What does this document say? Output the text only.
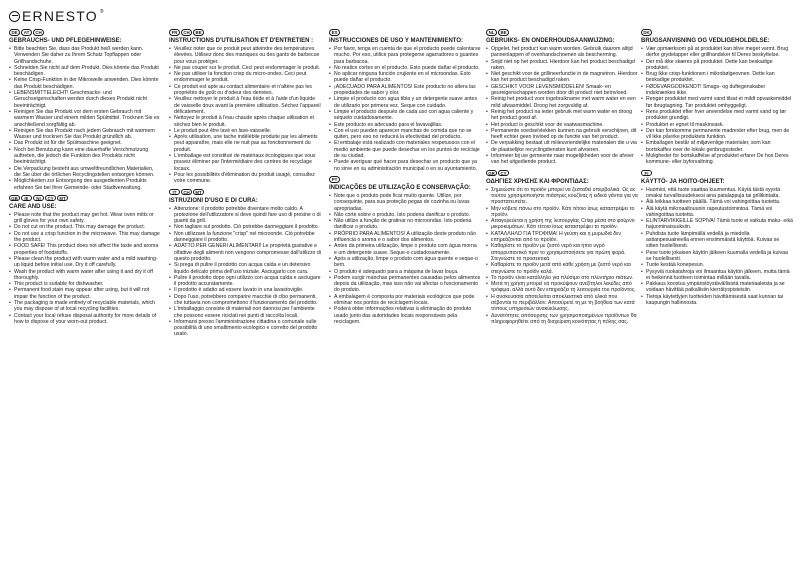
ERNESTO ®
DE	AT	CH
GEBRAUCHS- UND PFLEGEHINWEISE:
• Bitte beachten Sie, dass das Produkt heiß werden kann. Verwenden Sie daher zu Ihrem Schutz Topflappen oder Grillhandschuhe.
• Schneiden Sie nicht auf dem Produkt. Dies könnte das Produkt beschädigen.
• Keine Crisp-Funktion in der Mikrowelle anwenden. Dies könnte das Produkt beschädigen.
• LEBENSMITTELECHT! Geschmacks- und Geruchseigenschaften werden durch dieses Produkt nicht beeinträchtigt.
• Reinigen Sie das Produkt vor dem ersten Gebrauch mit warmem Wasser und einem milden Spülmittel. Trocknen Sie es anschließend sorgfältig ab.
• Reinigen Sie das Produkt nach jedem Gebrauch mit warmem Wasser und trocknen Sie das Produkt gründlich ab.
• Das Produkt ist für die Spülmaschine geeignet.
• Noch bei Benutzung kann eine dauerhafte Verschmutzung auftreten, die jedoch die Funktion des Produkts nicht beeinträchtigt.
• Die Verpackung besteht aus umweltfreundlichen Materialien, die Sie über die örtlichen Recyclingstellen entsorgen können.
• Möglichkeiten zur Entsorgung des ausgedienten Produkts erfahren Sie bei Ihrer Gemeinde- oder Stadtverwaltung.
GB	IE	NI	CY	MT
CARE AND USE:
• Please note that the product may get hot. Wear oven mitts or grill gloves for your own safety.
• Do not cut on the product. This may damage the product.
• Do not use a crisp function in the microwave. This may damage the product.
• FOOD SAFE! This product does not affect the taste and aroma properties of foodstuffs.
• Please clean the product with warm water and a mild washing-up liquid before initial use. Dry it off carefully.
• Wash the product with warm water after using it and dry it off thoroughly.
• This product is suitable for dishwasher.
• Permanent food stain may appear after using, but it will not impair the function of the product.
• The packaging is made entirely of recyclable materials, which you may dispose of at local recycling facilities.
• Contact your local refuse disposal authority for more details of how to dispose of your worn-out product.
FR	CH	BE
INSTRUCTIONS D'UTILISATION ET D'ENTRETIEN :
• Veuillez noter que ce produit peut atteindre des températures élevées. Utilisez donc des maniques ou des gants de barbecue pour vous protéger.
• Ne pas couper sur le produit. Ceci peut endommager le produit.
• Ne pas utiliser la fonction crisp du micro-ondes. Ceci peut endommager le produit.
• Ce produit est apte au contact alimentaire et n'altère pas les propriétés de goût ou d'odeur des denrées.
• Veuillez nettoyer le produit à l'eau tiède et à l'aide d'un liquide de vaisselle doux avant la première utilisation. Séchez l'appareil délicatement.
• Nettoyez le produit à l'eau chaude après chaque utilisation et séchez bien le produit.
• Le produit peut être lavé en lave-vaisselle.
• Après utilisation, une tache indélébile produite par les aliments peut apparaître, mais elle ne nuit pas au fonctionnement du produit.
• L'emballage est constitué de matériaux écologiques que vous pouvez éliminer par l'intermédiaire des centres de recyclage locaux.
• Pour les possibilités d'élimination du produit usagé, consultez votre commune.
IT	CH	MT
ISTRUZIONI D'USO E DI CURA:
• Attenzione: il prodotto potrebbe diventare molto caldo. A protezione dell'utilizzatore si deve quindi fare uso di presine o di guanti da grill.
• Non tagliare sul prodotto. Ciò potrebbe danneggiare il prodotto.
• Non utilizzare la funzione "crisp" nel microonde. Ciò potrebbe danneggiare il prodotto.
• ADATTO PER GENERI ALIMENTARI! Le proprietà gustative e olfattive degli alimenti non vengono compromesse dall'utilizzo di questo prodotto.
• Si prega di pulire il prodotto con acqua calda e un detersivo liquido delicato prima dell'uso iniziale. Asciugarlo con cura.
• Pulire il prodotto dopo ogni utilizzo con acqua calda e asciugare il prodotto accuratamente.
• Il prodotto è adatto ad essere lavato in una lavastoviglie.
• Dopo l'uso, potrebbero comparire macchie di cibo permanenti, che tuttavia non compromettono il funzionamento del prodotto.
• L'imballaggio consiste di materiali non dannosi per l'ambiente che possono essere riciclati nei punti di raccolta locali.
• Informarsi presso l'amministrazione cittadina o comunale sulle possibilità di uno smaltimento ecologico e corretto del prodotto usato.
ES
INSTRUCCIONES DE USO Y MANTENIMIENTO:
• Por favor, tenga en cuenta de que el producto puede calentarse mucho. Por eso, utilice para protegerse agarradores o guantes para barbacoa.
• No realice cortes en el producto. Esto puede dañar el producto.
• No aplicar ninguna función crujiente en el microondas. Esto puede dañar el producto.
• ¡ADECUADO PARA ALIMENTOS! Este producto no altera las propiedades de sabor y olor.
• Limpie el producto con agua tibia y un detergente suave antes de utilizarlo por primera vez. Seque con cuidado.
• Limpie el producto después de cada uso con agua caliente y séquelo cuidadosamente.
• Este producto es adecuado para el lavavajillas.
• Con el uso pueden aparecer manchas de comida que no se quiten, pero eso no reducirá la efectividad del producto.
• El embalaje está realizado con materiales respetuosos con el medio ambiente que puede desechar en los puntos de reciclaje de su ciudad.
• Puede averiguar qué hacer para desechar un producto que ya no sirve en su administración municipal o en su ayuntamiento.
PT
INDICAÇÕES DE UTILIZAÇÃO E CONSERVAÇÃO:
• Note que o produto pode ficar muito quente. Utilize, por consequinte, para sua proteção pegas de cozinha ou luvas apropriadas.
• Não corte sobre o produto. Isto poderia danificar o produto.
• Não utilize a função de gratinar no microondas. Isto poderia danificar o produto.
• PRÓPRIO PARA ALIMENTOS! A utilização deste produto não influencia o aroma e o sabor dos alimentos.
• Antes da primeira utilização, limpe o produto com água morna e um detergente suave. Seque-o cuidadosamente.
• Após a utilização, limpe o produto com água quente e seque-o bem.
• O produto é adequado para a máquina de lavar louça.
• Podem surgir manchas permanentes causadas pelos alimentos depois da utilização, mas isso não vai afectar o funcionamento do produto.
• A embalagem é composta por materiais ecológicos que pode eliminar nos pontos de reciclagem locais.
• Poderá obter informações relativas à eliminação do produto usado junto das autoridades locais responsáveis pela reciclagem.
NL	BE
GEBRUIKS- EN ONDERHOUDSAANWIJZING:
• Opgelet, het product kan warm worden. Gebruik daarom altijd pannenlappen of ovenhandschoenen als bescherming.
• Snijd niet op het product. Hierdoor kan het product beschadigd raken.
• Niet geschikt voor de grillineerfunctie in de magnetron. Hierdoor kan het product beschadigd raken.
• GESCHIKT VOOR LEVENSMIDDELEN! Smaak- en geureigenschappen worden door dit product niet beïnvloed.
• Reinig het product voor ingebruikname met warm water en een mild afwasmiddel. Droog het zorgvuldig af.
• Reinig het product na ieder gebruik met warm water en droog het product goed af.
• Het product is geschikt voor de vaatwasmachine.
• Permanente voedselvlekken kunnen na gebruik verschijnen, dit heeft echter geen invloed op de functie van het product.
• De verpakking bestaat uit milieuvriendelijke materialen die u via de plaatselijke recyclingdiensten kunt afvoeren.
• Informeer bij uw gemeente naar mogelijkheden voor de afvoer van het uitgediende product.
GR	CY
ΟΔΗΓΙΕΣ ΧΡΗΣΗΣ ΚΑΙ ΦΡΟΝΤΙΔΑΣ:
• Σημειώστε ότι το προϊόν μπορεί να ζεσταθεί υπερβολικά. Ως εκ τούτου χρησιμοποιήστε πιάστρες κουζίνας ή ειδικά γάντια για να προστατευτείτε.
• Μην κόβετε πάνω στο προϊόν. Κάτι τέτοιο ίσως καταστρέψει το προϊόν.
• Απαγορεύεται η χρήση της λειτουργίας Crisp μέσα στο φούρνο μικροκυμάτων. Κάτι τέτοιο ίσως καταστρέψει το προϊόν.
• ΚΑΤΑΛΛΗΛΟ ΓΙΑ ΤΡΟΦΙΜΑ! Η γεύση και η μυρωδιά δεν επηρεάζονται από το προϊόν.
• Καθαρίστε το προϊόν με ζεστό νερό και ήπιο υγρό απορρυπαντικό πριν το χρησιμοποιήσετε για πρώτη φορά. Στεγνώστε το προσεκτικά.
• Καθαρίστε το προϊόν μετά από κάθε χρήση με ζεστό νερό και στεγνώστε το προϊόν καλά.
• Το προϊόν είναι κατάλληλο για πλύσιμο στο πλυντήριο πιάτων.
• Μετά τη χρήση μπορεί να προκύψουν ανεξίτηλοι λεκέδες από τρόφιμα, αλλά αυτό δεν επηρεάζει τη λειτουργία του προϊόντος.
• Η συσκευασία αποτελείται αποκλειστικά από υλικά που σέβονται το περιβάλλον. Αποσύρετέ τη με τη βοήθεια των κατά τόπους υπηρεσιών ανακύκλωσης.
• Δυνατότητες απόσυρσης των χρησιμοποιημένων προϊόντων θα πληροφορηθείτε από τη διαχείριση κοινότητας ή πόλης σας.
DK
BRUGSANVISNING OG VEDLIGEHOLDELSE:
• Vær opmærksom på at produktet kan blive meget varmt. Brug derfor grydelapper eller grillhandsker til Deres beskyttelse.
• Der må ikke skæres på produktet. Dette kan beskadige produktet.
• Brug ikke crisp-funktionen i mikrobølgeovnen. Dette kan beskadige produktet.
• FØDEVARGODKENDT! Smags- og duftegenskaber indskrænkes ikke.
• Rengør produktet med varmt vand tilsat et mildt opvaskemiddel før ibrugtagning. Tør produktet omhyggeligt.
• Rens produktet efter hver anvendelse med varmt vand og tør produktet grundigt.
• Produktet er egnet til maskinvask.
• Der kan forekomme permanente madrester efter brug, men de vil ikke påvirke produktets funktion.
• Emballagen består af miljøvenlige materialer, som kan bortskaffes over de lokale genbrugssteder.
• Muligheder for bortskaffelse af produktet erfarer De hos Deres kommune- eller byforvaltning.
FI
KÄYTTÖ- JA HOITO-OHJEET:
• Huomioi, että tuote saattaa kuumentua. Käytä tästä syystä omaksi turvallisuudeksesi aina patalappuja tai grillikintaita.
• Älä leikkaa tuotteen päällä. Tämä voi vahingoittaa tuotetta.
• Älä käytä mikroaaltouunin rapeutustoimintoa. Tämä voi vahingoittaa tuotetta.
• ELINTARVIKKEILLE SOPIVA! Tämä tuote ei vaikuta maku- eikä hajuominaisuuksiin.
• Puhdista tuote lämpimällä vedellä ja miedolla astianpesuaineella ennen ensimmäistä käyttöä. Kuivaa se sitten huolellisesti.
• Pese tuote jokaisen käytön jälkeen kuumalla vedellä ja kuivaa se huolellisesti.
• Tuote kestää konepesun.
• Pysyviä ruokatahroja voi ilmaantua käytön jälkeen, mutta tämä ei heikennä tuotteen toimintaa millään tavalla.
• Pakkaus koostuu ympäristöystävällisistä materiaaleista ja se voidaan hävittää paikallisiin kierrätyspisteisiin.
• Tietoja käytettyjen tuotteiden hävittämisestä saat kunnan tai kaupungin hallinnosta.
